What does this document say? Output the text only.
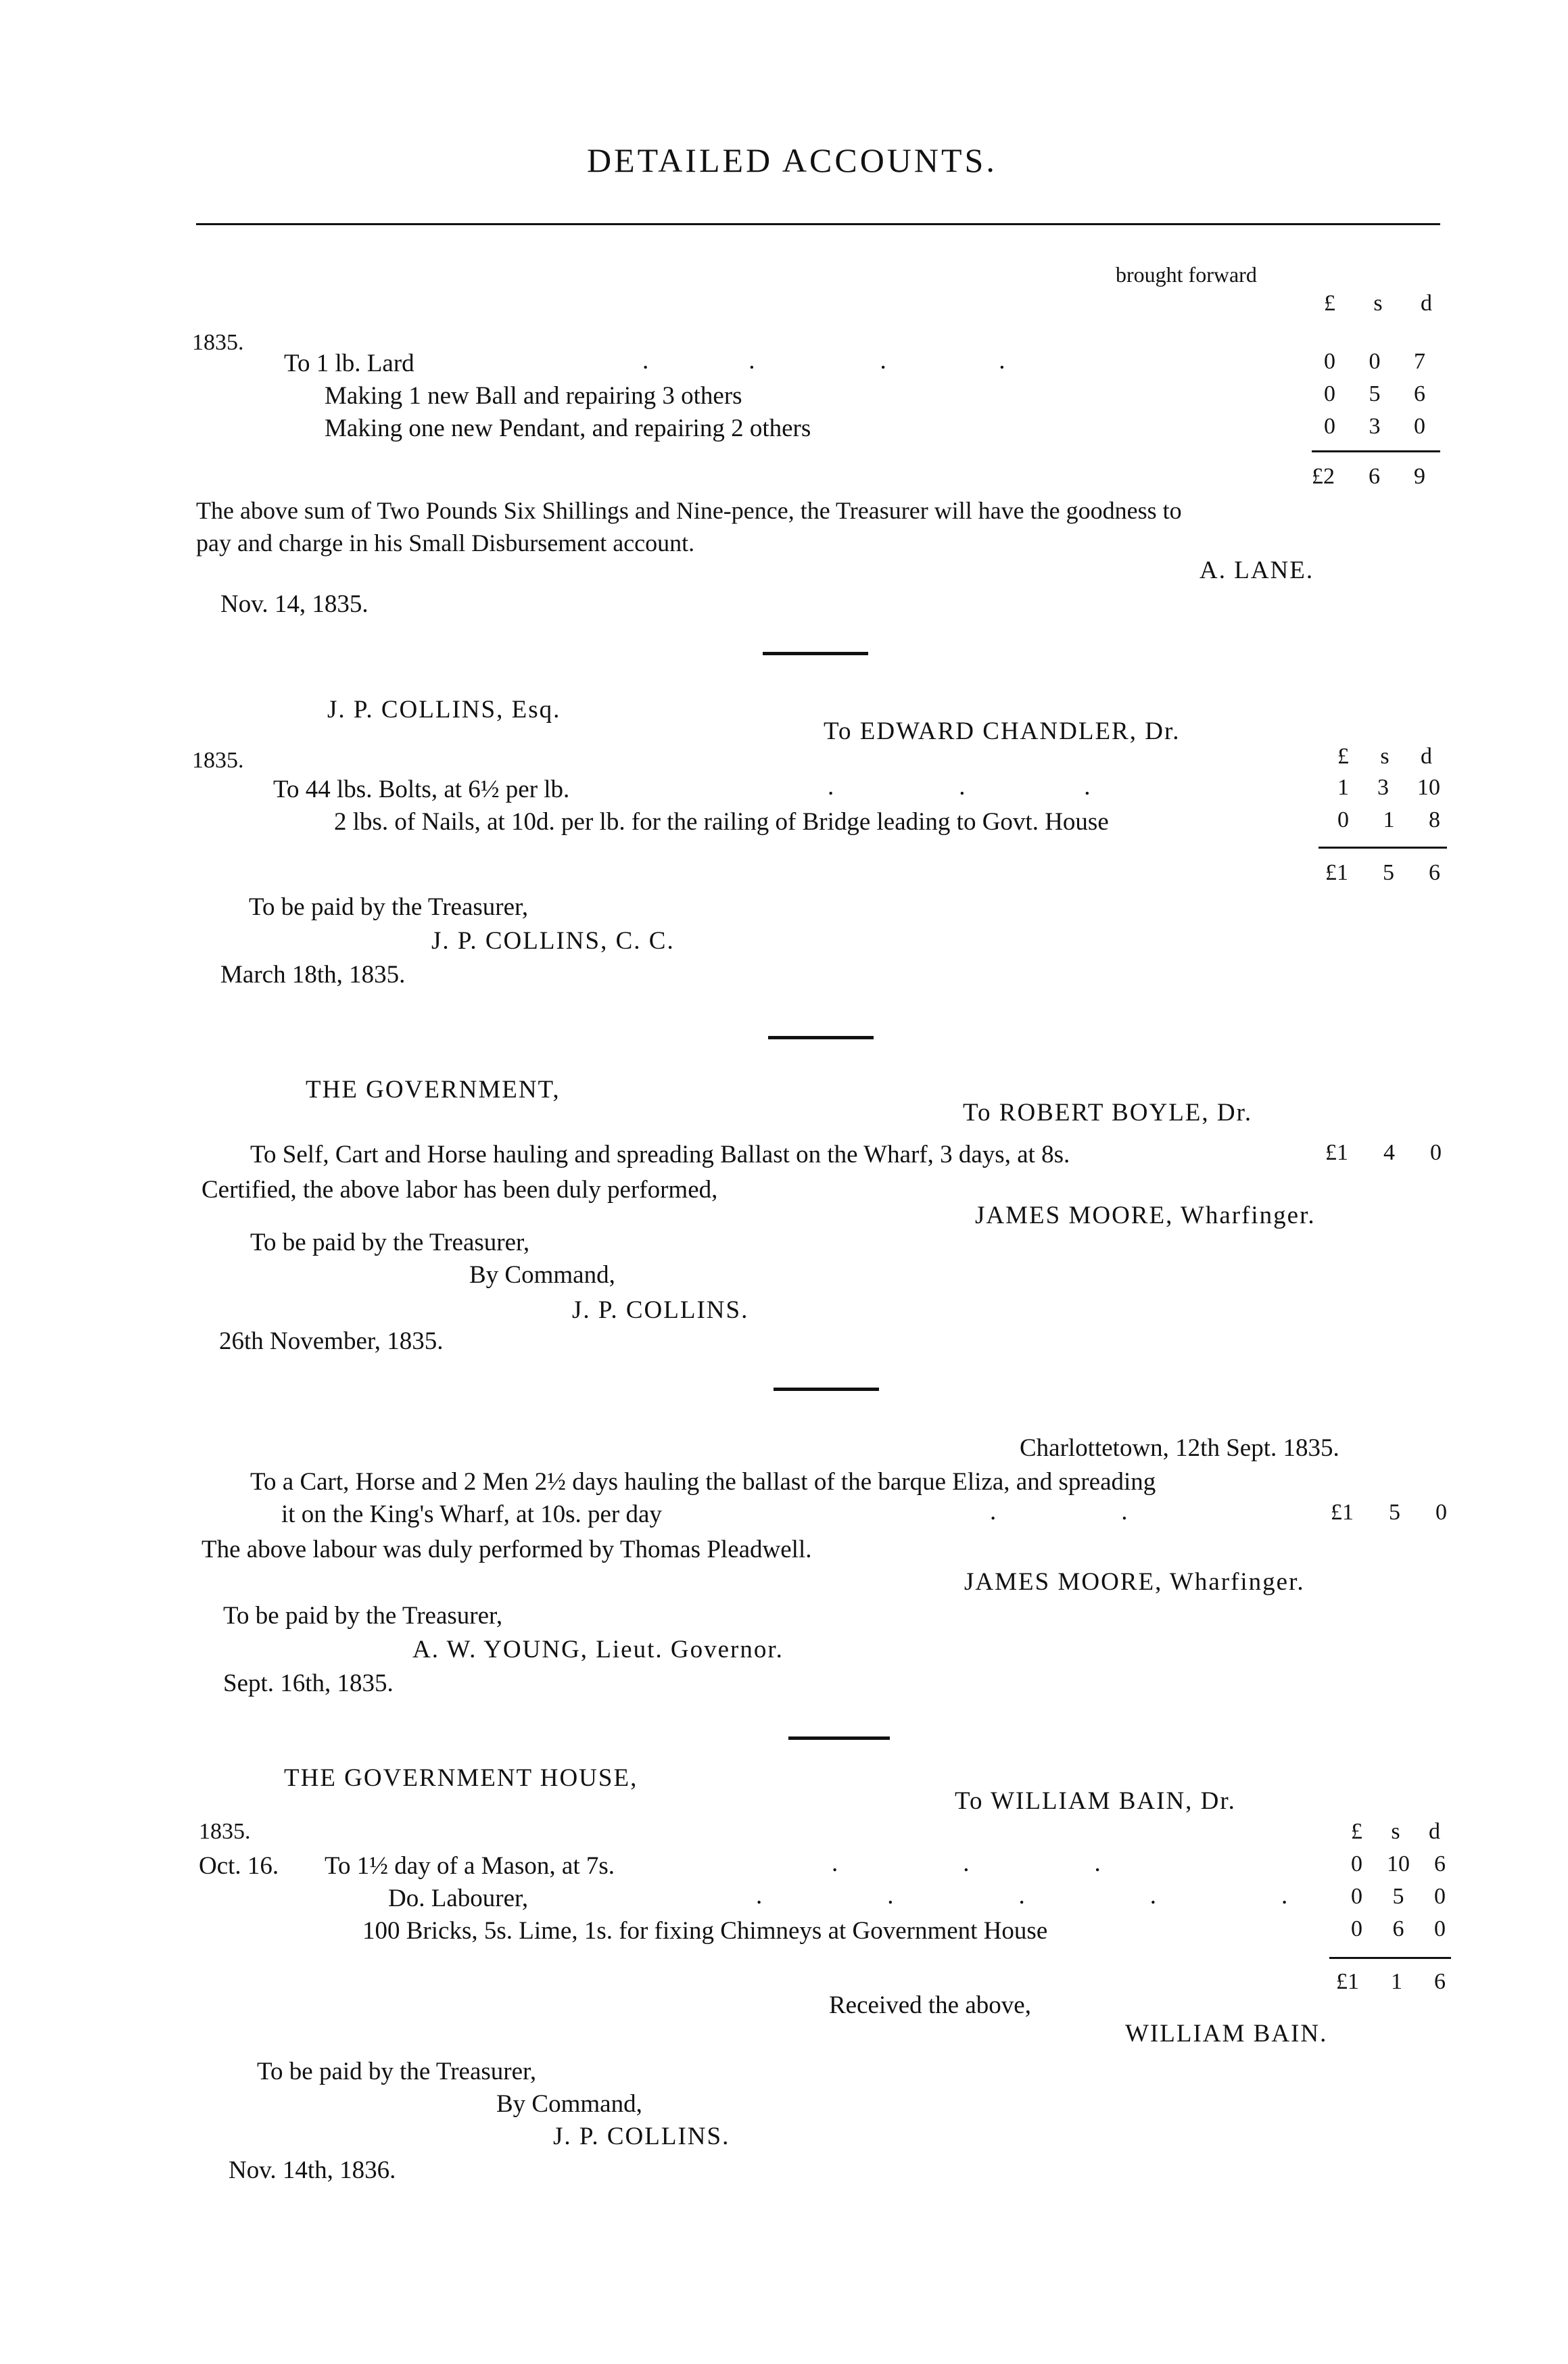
DETAILED ACCOUNTS.
brought forward
£ s d
1835.
To 1 lb. Lard	.                .                    .                  .	0 0 7
Making 1 new Ball and repairing 3 others	0 5 6
Making one new Pendant, and repairing 2 others	0 3 0
£2 6 9
The above sum of Two Pounds Six Shillings and Nine-pence, the Treasurer will have the goodness to
pay and charge in his Small Disbursement account.
A. LANE.
Nov. 14, 1835.
J. P. COLLINS, Esq.
To EDWARD CHANDLER, Dr.
1835.	£ s d
To 44 lbs. Bolts, at 6½ per lb.	.                    .                   .	1 3 10
2 lbs. of Nails, at 10d. per lb. for the railing of Bridge leading to Govt. House	0 1 8
£1 5 6
To be paid by the Treasurer,
J. P. COLLINS, C. C.
March 18th, 1835.
THE GOVERNMENT,
To ROBERT BOYLE, Dr.
To Self, Cart and Horse hauling and spreading Ballast on the Wharf, 3 days, at 8s.	£1 4 0
Certified, the above labor has been duly performed,
JAMES MOORE, Wharfinger.
To be paid by the Treasurer,
By Command,
J. P. COLLINS.
26th November, 1835.
Charlottetown, 12th Sept. 1835.
To a Cart, Horse and 2 Men 2½ days hauling the ballast of the barque Eliza, and spreading
it on the King's Wharf, at 10s. per day	.                    .	£1 5 0
The above labour was duly performed by Thomas Pleadwell.
JAMES MOORE, Wharfinger.
To be paid by the Treasurer,
A. W. YOUNG, Lieut. Governor.
Sept. 16th, 1835.
THE GOVERNMENT HOUSE,
To WILLIAM BAIN, Dr.
1835.	£ s d
Oct. 16. To 1½ day of a Mason, at 7s.	.                    .                    .	0 10 6
Do. Labourer,	.                    .                    .                    .                    .	0 5 0
100 Bricks, 5s. Lime, 1s. for fixing Chimneys at Government House	0 6 0
£1 1 6
Received the above,
WILLIAM BAIN.
To be paid by the Treasurer,
By Command,
J. P. COLLINS.
Nov. 14th, 1836.
